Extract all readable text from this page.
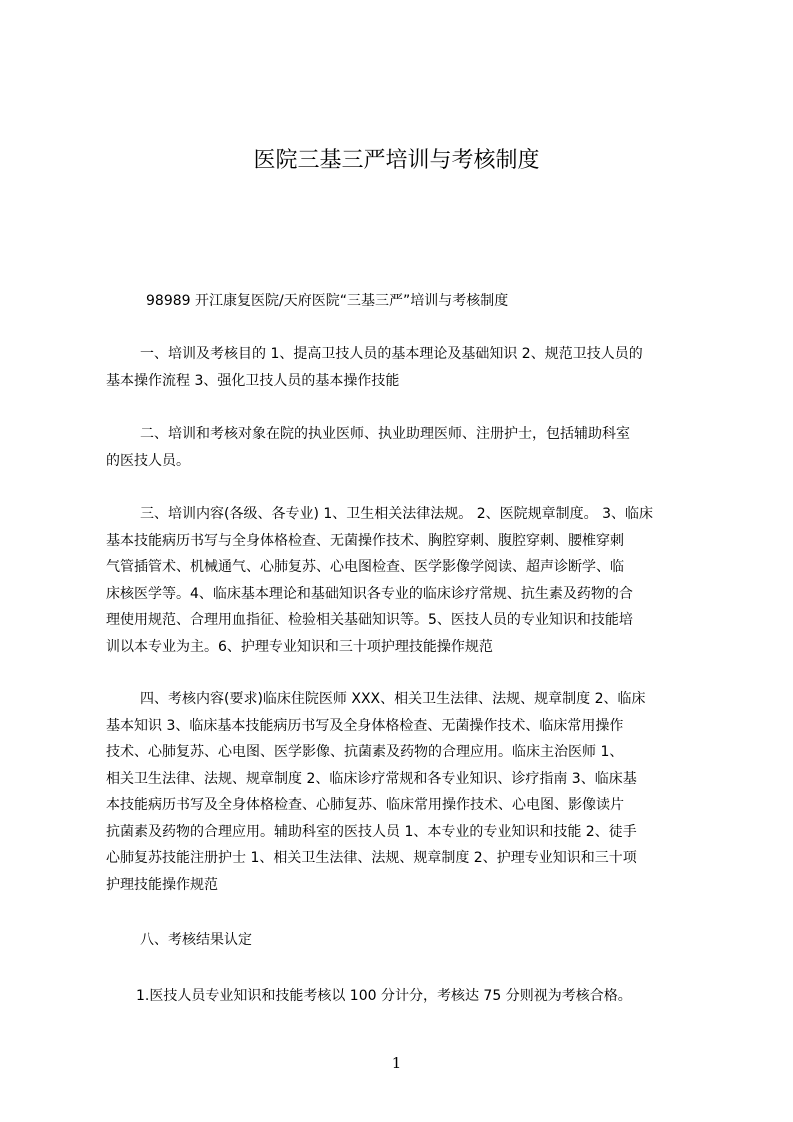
医院三基三严培训与考核制度
98989 开江康复医院/天府医院“三基三严”培训与考核制度
一、培训及考核目的 1、提高卫技人员的基本理论及基础知识 2、规范卫技人员的
基本操作流程 3、强化卫技人员的基本操作技能
二、培训和考核对象在院的执业医师、执业助理医师、注册护士，包括辅助科室
的医技人员。
三、培训内容(各级、各专业) 1、卫生相关法律法规。 2、医院规章制度。 3、临床
基本技能病历书写与全身体格检查、无菌操作技术、胸腔穿刺、腹腔穿刺、腰椎穿刺
气管插管术、机械通气、心肺复苏、心电图检查、医学影像学阅读、超声诊断学、临
床核医学等。4、临床基本理论和基础知识各专业的临床诊疗常规、抗生素及药物的合
理使用规范、合理用血指征、检验相关基础知识等。5、医技人员的专业知识和技能培
训以本专业为主。6、护理专业知识和三十项护理技能操作规范
四、考核内容(要求)临床住院医师 XXX、相关卫生法律、法规、规章制度 2、临床
基本知识 3、临床基本技能病历书写及全身体格检查、无菌操作技术、临床常用操作
技术、心肺复苏、心电图、医学影像、抗菌素及药物的合理应用。临床主治医师 1、
相关卫生法律、法规、规章制度 2、临床诊疗常规和各专业知识、诊疗指南 3、临床基
本技能病历书写及全身体格检查、心肺复苏、临床常用操作技术、心电图、影像读片
抗菌素及药物的合理应用。辅助科室的医技人员 1、本专业的专业知识和技能 2、徒手
心肺复苏技能注册护士 1、相关卫生法律、法规、规章制度 2、护理专业知识和三十项
护理技能操作规范
八、考核结果认定
1.医技人员专业知识和技能考核以 100 分计分，考核达 75 分则视为考核合格。
1
